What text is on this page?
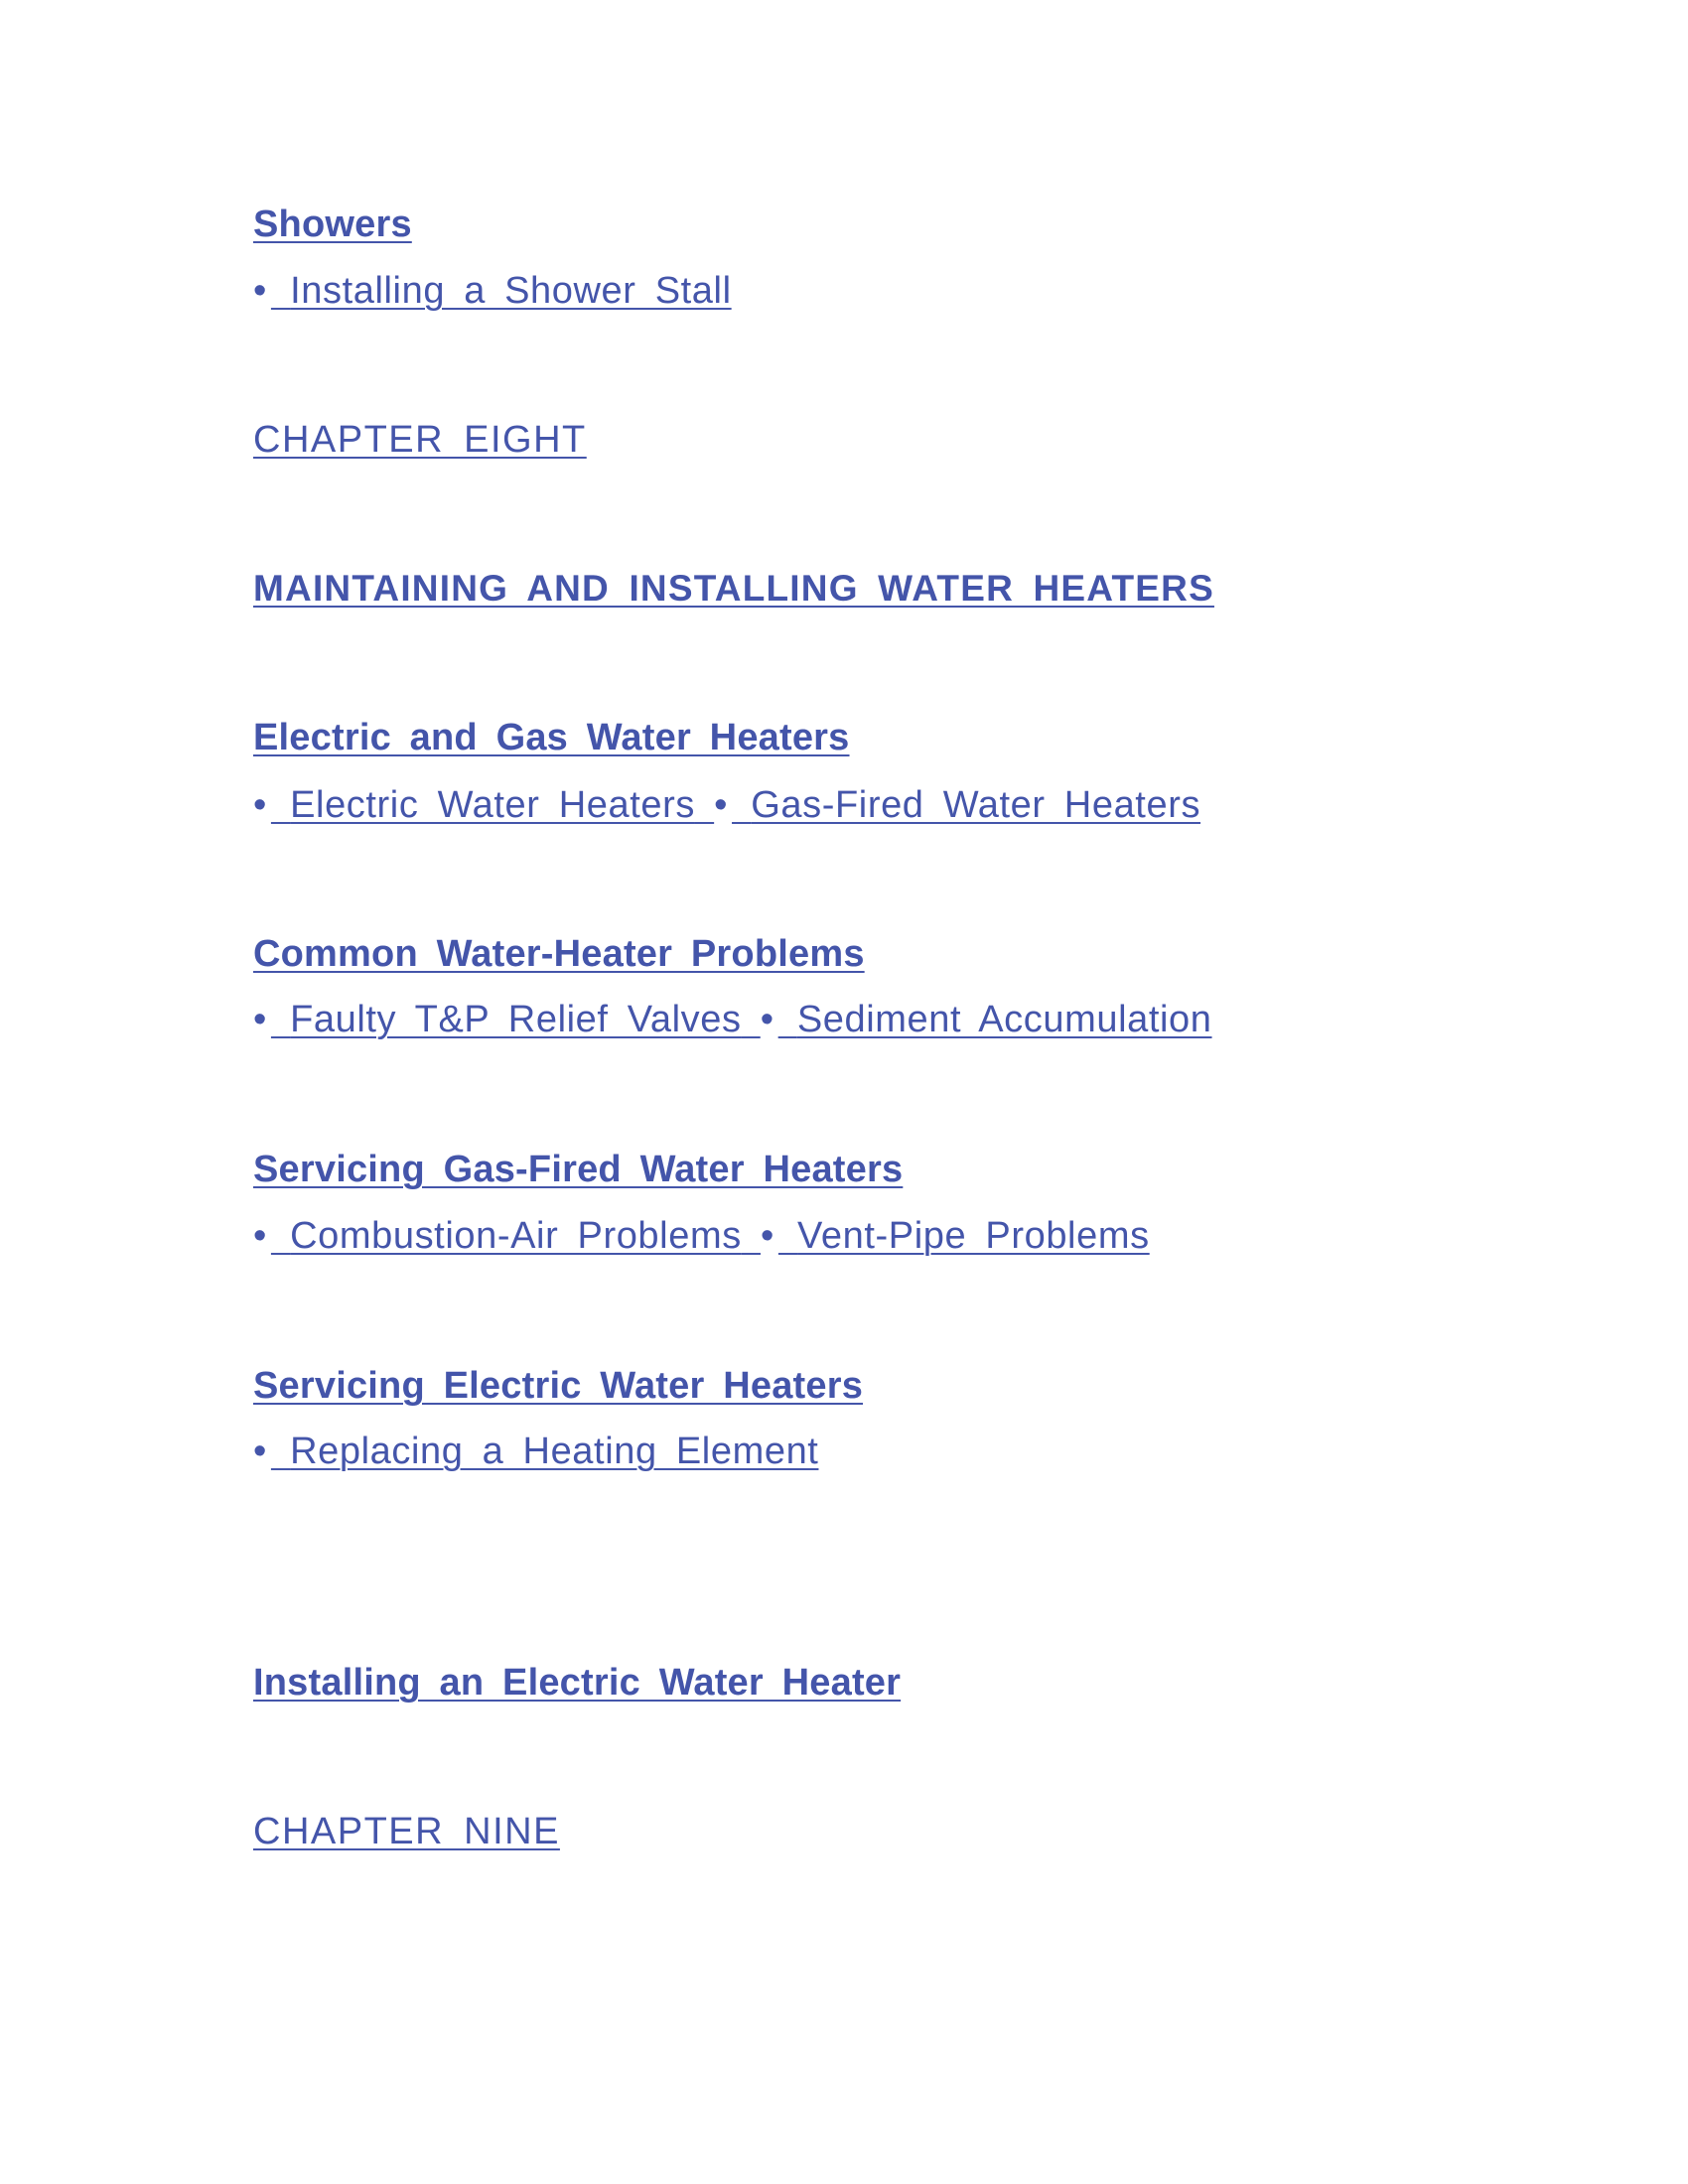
Showers
• Installing a Shower Stall
CHAPTER EIGHT
MAINTAINING AND INSTALLING WATER HEATERS
Electric and Gas Water Heaters
• Electric Water Heaters • Gas-Fired Water Heaters
Common Water-Heater Problems
• Faulty T&P Relief Valves • Sediment Accumulation
Servicing Gas-Fired Water Heaters
• Combustion-Air Problems • Vent-Pipe Problems
Servicing Electric Water Heaters
• Replacing a Heating Element
Installing an Electric Water Heater
CHAPTER NINE
